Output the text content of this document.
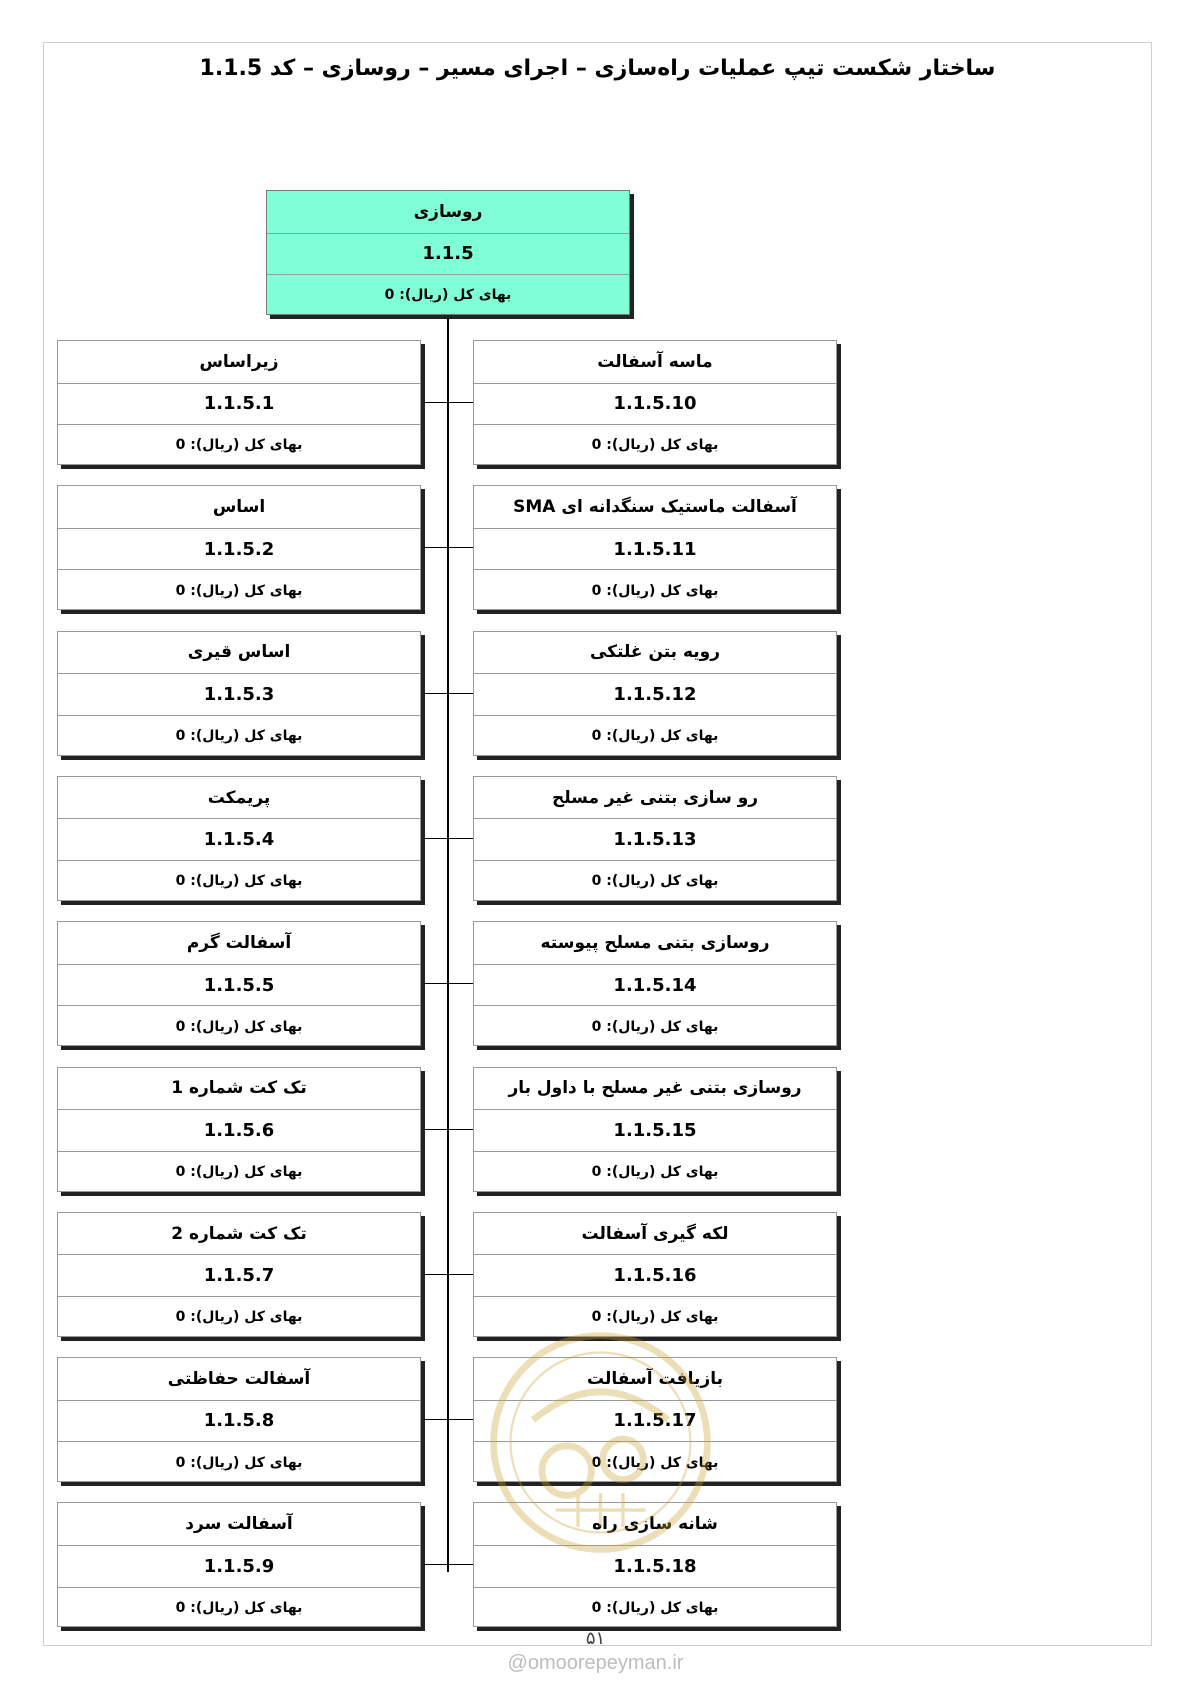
ساختار شکست تیپ عملیات راه‌سازی – اجرای مسیر – روسازی – کد 1.1.5
روسازی
1.1.5
بهای کل (ریال): 0
زیراساس
1.1.5.1
بهای کل (ریال): 0
اساس
1.1.5.2
بهای کل (ریال): 0
اساس قیری
1.1.5.3
بهای کل (ریال): 0
پریمکت
1.1.5.4
بهای کل (ریال): 0
آسفالت گرم
1.1.5.5
بهای کل (ریال): 0
تک کت شماره 1
1.1.5.6
بهای کل (ریال): 0
تک کت شماره 2
1.1.5.7
بهای کل (ریال): 0
آسفالت حفاظتی
1.1.5.8
بهای کل (ریال): 0
آسفالت سرد
1.1.5.9
بهای کل (ریال): 0
ماسه آسفالت
1.1.5.10
بهای کل (ریال): 0
آسفالت ماستیک سنگدانه ای SMA
1.1.5.11
بهای کل (ریال): 0
رویه بتن غلتکی
1.1.5.12
بهای کل (ریال): 0
رو سازی بتنی غیر مسلح
1.1.5.13
بهای کل (ریال): 0
روسازی بتنی مسلح پیوسته
1.1.5.14
بهای کل (ریال): 0
روسازی بتنی غیر مسلح با داول بار
1.1.5.15
بهای کل (ریال): 0
لکه گیری آسفالت
1.1.5.16
بهای کل (ریال): 0
بازیافت آسفالت
1.1.5.17
بهای کل (ریال): 0
شانه سازی راه
1.1.5.18
بهای کل (ریال): 0
۵۱
@omoorepeyman.ir
